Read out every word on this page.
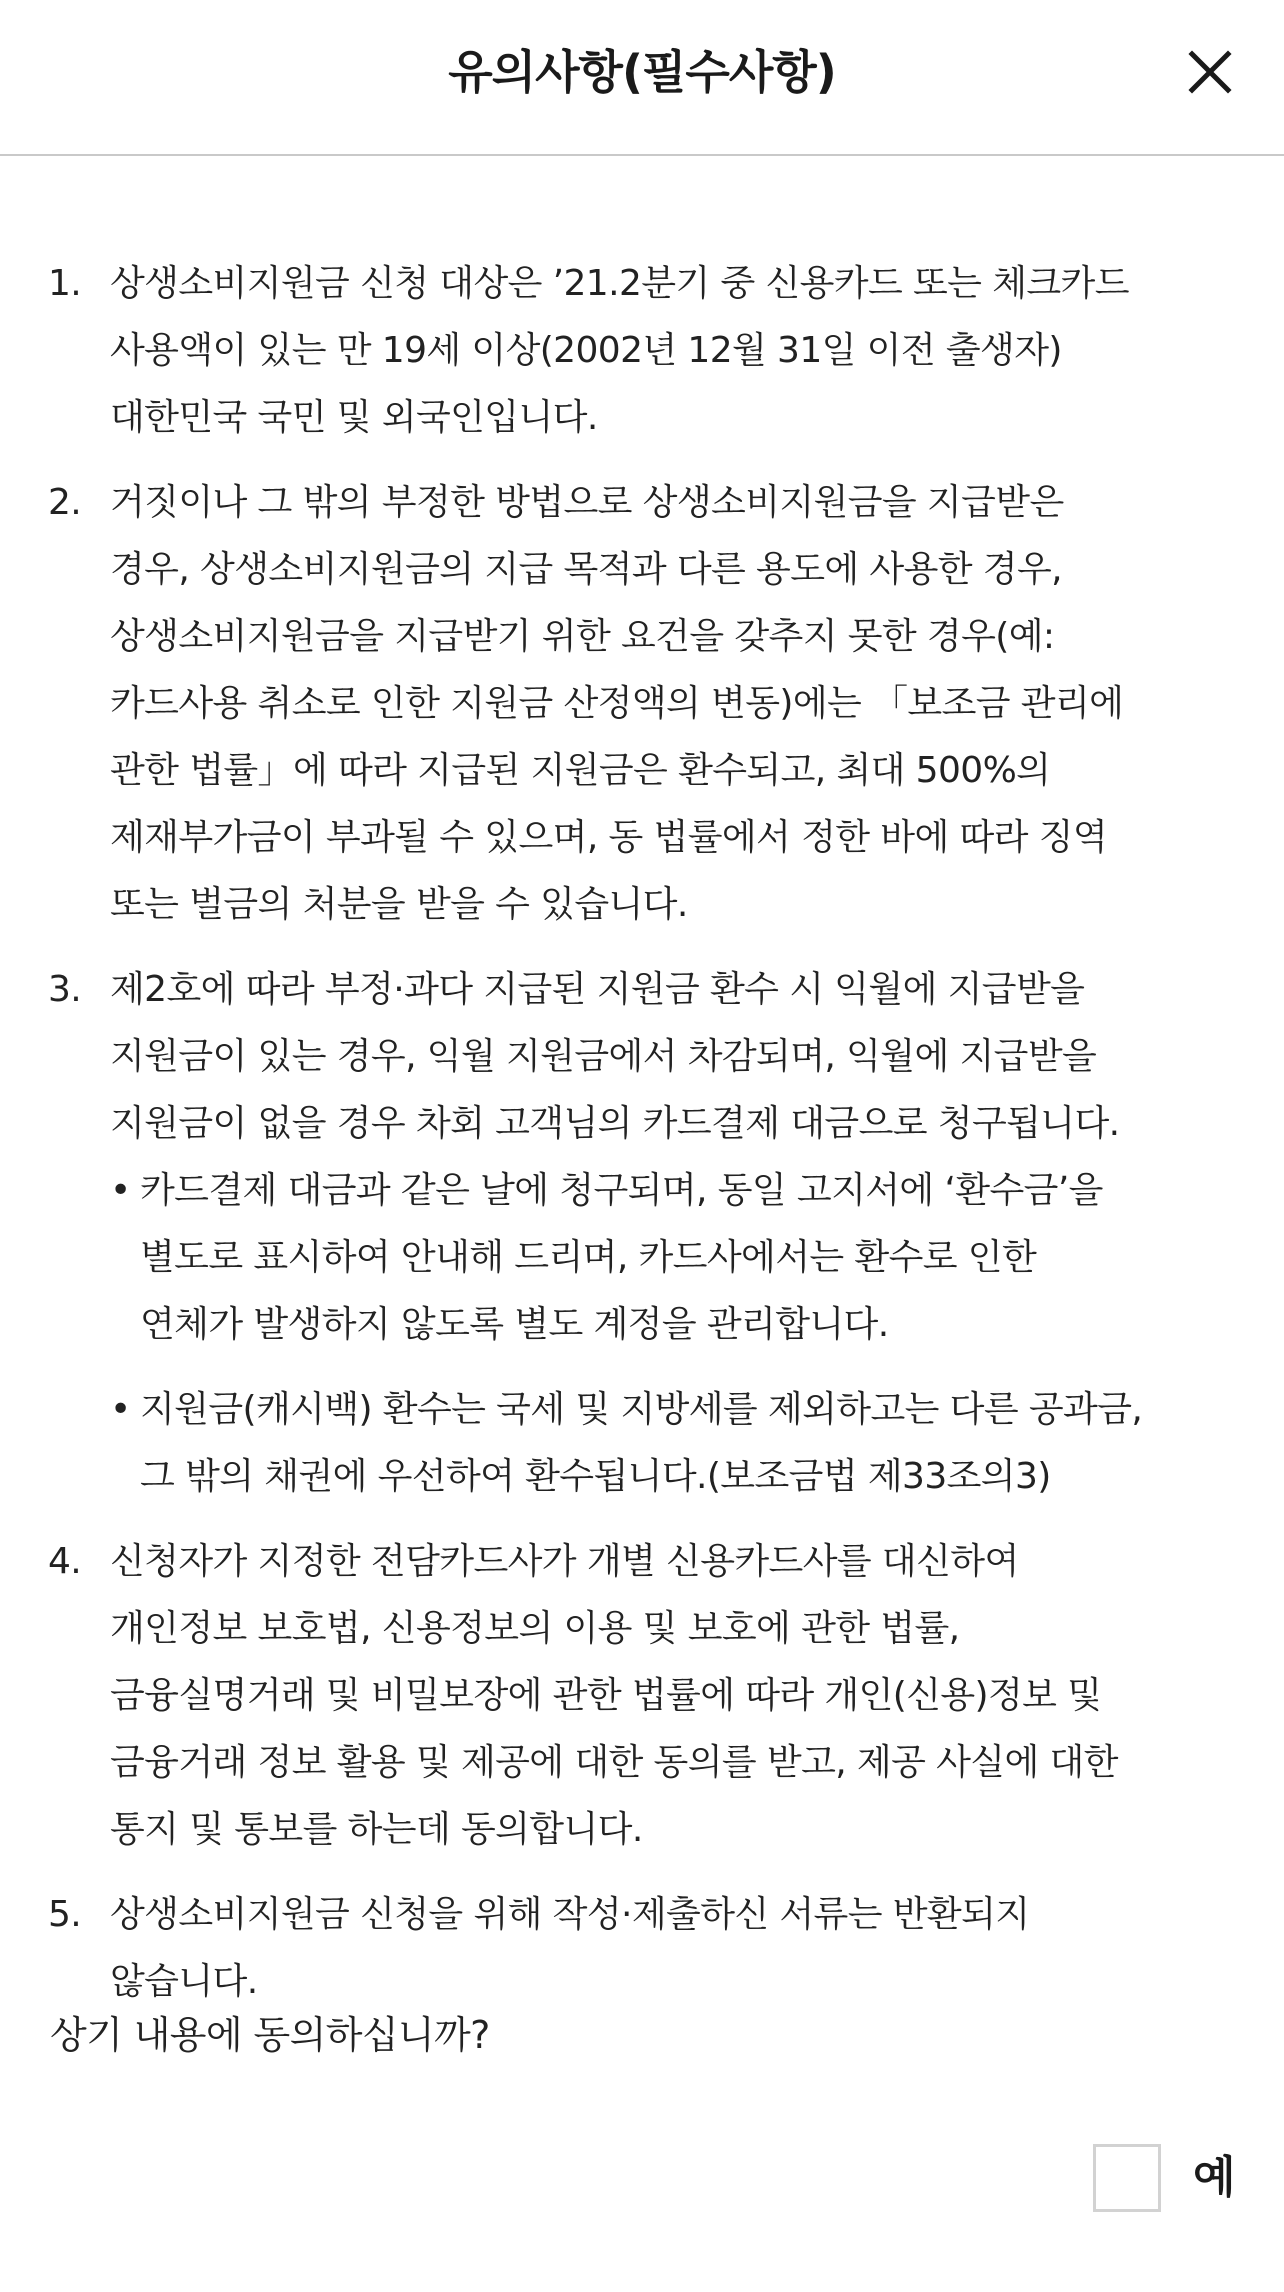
유의사항(필수사항)
1. 상생소비지원금 신청 대상은 ’21.2분기 중 신용카드 또는 체크카드
사용액이 있는 만 19세 이상(2002년 12월 31일 이전 출생자)
대한민국 국민 및 외국인입니다.
2. 거짓이나 그 밖의 부정한 방법으로 상생소비지원금을 지급받은
경우, 상생소비지원금의 지급 목적과 다른 용도에 사용한 경우,
상생소비지원금을 지급받기 위한 요건을 갖추지 못한 경우(예:
카드사용 취소로 인한 지원금 산정액의 변동)에는 「보조금 관리에
관한 법률」에 따라 지급된 지원금은 환수되고, 최대 500%의
제재부가금이 부과될 수 있으며, 동 법률에서 정한 바에 따라 징역
또는 벌금의 처분을 받을 수 있습니다.
3. 제2호에 따라 부정·과다 지급된 지원금 환수 시 익월에 지급받을
지원금이 있는 경우, 익월 지원금에서 차감되며, 익월에 지급받을
지원금이 없을 경우 차회 고객님의 카드결제 대금으로 청구됩니다.
• 카드결제 대금과 같은 날에 청구되며, 동일 고지서에 ‘환수금’을
별도로 표시하여 안내해 드리며, 카드사에서는 환수로 인한
연체가 발생하지 않도록 별도 계정을 관리합니다.
• 지원금(캐시백) 환수는 국세 및 지방세를 제외하고는 다른 공과금,
그 밖의 채권에 우선하여 환수됩니다.(보조금법 제33조의3)
4. 신청자가 지정한 전담카드사가 개별 신용카드사를 대신하여
개인정보 보호법, 신용정보의 이용 및 보호에 관한 법률,
금융실명거래 및 비밀보장에 관한 법률에 따라 개인(신용)정보 및
금융거래 정보 활용 및 제공에 대한 동의를 받고, 제공 사실에 대한
통지 및 통보를 하는데 동의합니다.
5. 상생소비지원금 신청을 위해 작성·제출하신 서류는 반환되지
않습니다.
상기 내용에 동의하십니까?
예
